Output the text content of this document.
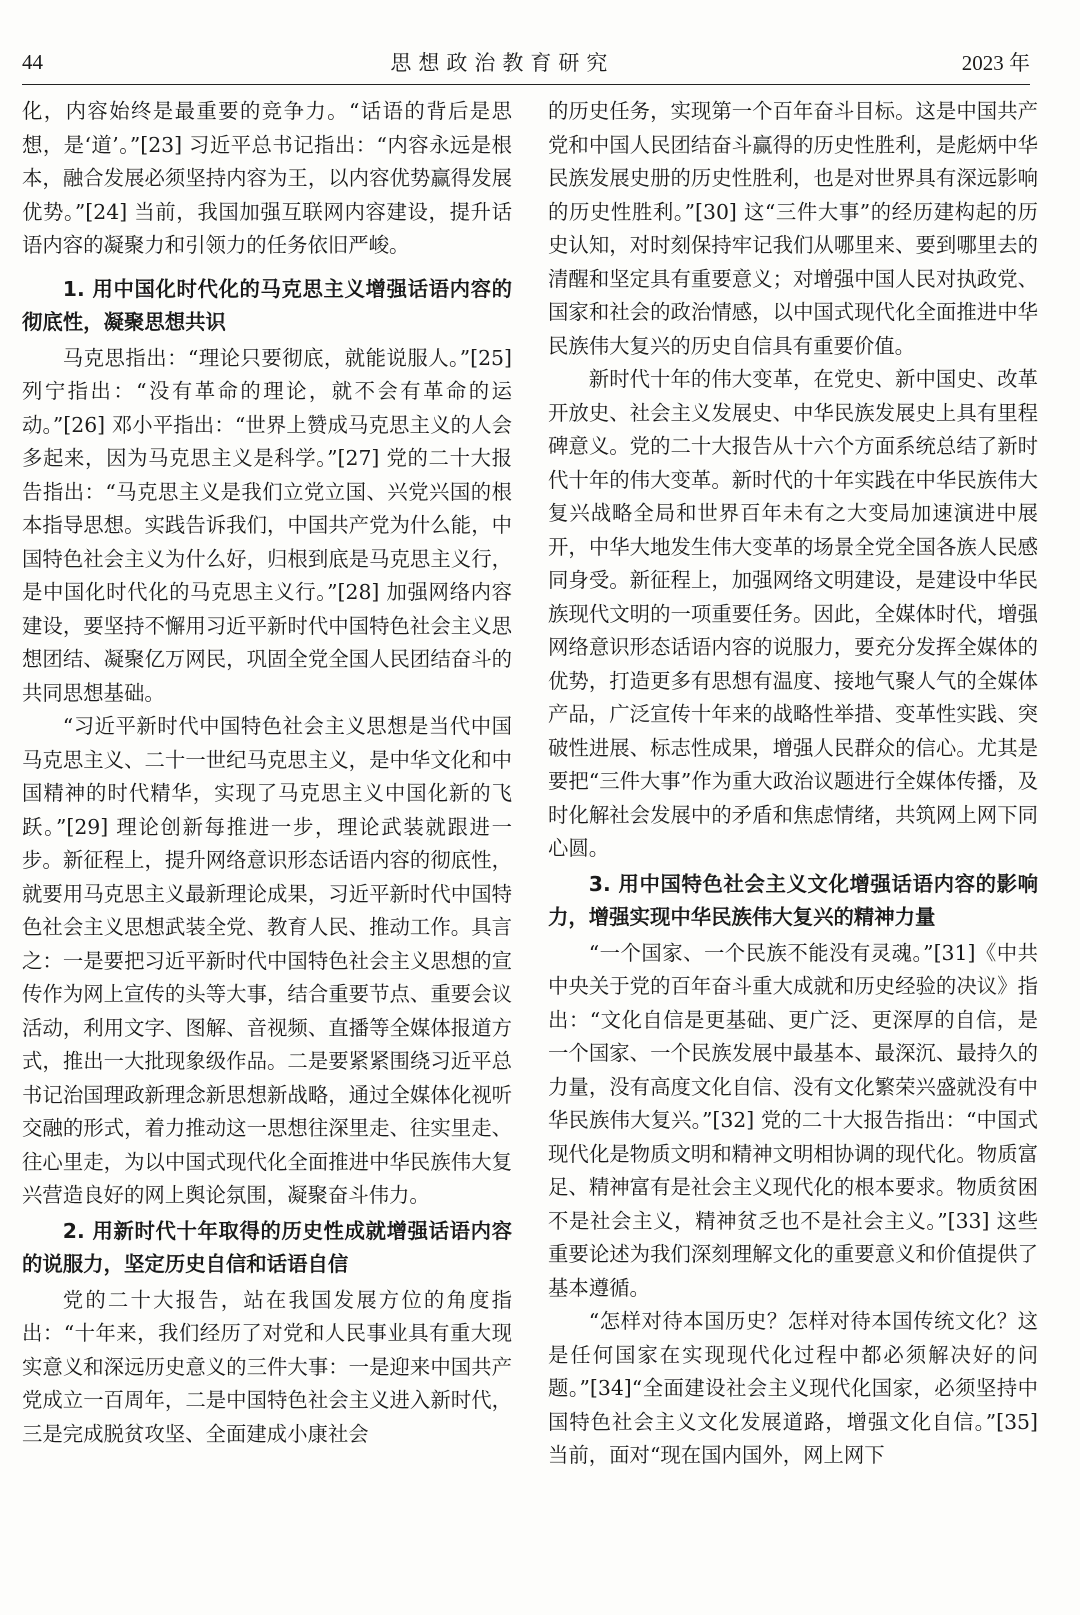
44	思想政治教育研究	2023 年

化，内容始终是最重要的竞争力。“话语的背后是思想，是‘道’。”[23] 习近平总书记指出：“内容永远是根本，融合发展必须坚持内容为王，以内容优势赢得发展优势。”[24] 当前，我国加强互联网内容建设，提升话语内容的凝聚力和引领力的任务依旧严峻。

1. 用中国化时代化的马克思主义增强话语内容的彻底性，凝聚思想共识

马克思指出：“理论只要彻底，就能说服人。”[25] 列宁指出：“没有革命的理论，就不会有革命的运动。”[26] 邓小平指出：“世界上赞成马克思主义的人会多起来，因为马克思主义是科学。”[27] 党的二十大报告指出：“马克思主义是我们立党立国、兴党兴国的根本指导思想。实践告诉我们，中国共产党为什么能，中国特色社会主义为什么好，归根到底是马克思主义行，是中国化时代化的马克思主义行。”[28] 加强网络内容建设，要坚持不懈用习近平新时代中国特色社会主义思想团结、凝聚亿万网民，巩固全党全国人民团结奋斗的共同思想基础。

“习近平新时代中国特色社会主义思想是当代中国马克思主义、二十一世纪马克思主义，是中华文化和中国精神的时代精华，实现了马克思主义中国化新的飞跃。”[29] 理论创新每推进一步，理论武装就跟进一步。新征程上，提升网络意识形态话语内容的彻底性，就要用马克思主义最新理论成果，习近平新时代中国特色社会主义思想武装全党、教育人民、推动工作。具言之：一是要把习近平新时代中国特色社会主义思想的宣传作为网上宣传的头等大事，结合重要节点、重要会议活动，利用文字、图解、音视频、直播等全媒体报道方式，推出一大批现象级作品。二是要紧紧围绕习近平总书记治国理政新理念新思想新战略，通过全媒体化视听交融的形式，着力推动这一思想往深里走、往实里走、往心里走，为以中国式现代化全面推进中华民族伟大复兴营造良好的网上舆论氛围，凝聚奋斗伟力。

2. 用新时代十年取得的历史性成就增强话语内容的说服力，坚定历史自信和话语自信

党的二十大报告，站在我国发展方位的角度指出：“十年来，我们经历了对党和人民事业具有重大现实意义和深远历史意义的三件大事：一是迎来中国共产党成立一百周年，二是中国特色社会主义进入新时代，三是完成脱贫攻坚、全面建成小康社会

的历史任务，实现第一个百年奋斗目标。这是中国共产党和中国人民团结奋斗赢得的历史性胜利，是彪炳中华民族发展史册的历史性胜利，也是对世界具有深远影响的历史性胜利。”[30] 这“三件大事”的经历建构起的历史认知，对时刻保持牢记我们从哪里来、要到哪里去的清醒和坚定具有重要意义；对增强中国人民对执政党、国家和社会的政治情感，以中国式现代化全面推进中华民族伟大复兴的历史自信具有重要价值。

新时代十年的伟大变革，在党史、新中国史、改革开放史、社会主义发展史、中华民族发展史上具有里程碑意义。党的二十大报告从十六个方面系统总结了新时代十年的伟大变革。新时代的十年实践在中华民族伟大复兴战略全局和世界百年未有之大变局加速演进中展开，中华大地发生伟大变革的场景全党全国各族人民感同身受。新征程上，加强网络文明建设，是建设中华民族现代文明的一项重要任务。因此，全媒体时代，增强网络意识形态话语内容的说服力，要充分发挥全媒体的优势，打造更多有思想有温度、接地气聚人气的全媒体产品，广泛宣传十年来的战略性举措、变革性实践、突破性进展、标志性成果，增强人民群众的信心。尤其是要把“三件大事”作为重大政治议题进行全媒体传播，及时化解社会发展中的矛盾和焦虑情绪，共筑网上网下同心圆。

3. 用中国特色社会主义文化增强话语内容的影响力，增强实现中华民族伟大复兴的精神力量

“一个国家、一个民族不能没有灵魂。”[31]《中共中央关于党的百年奋斗重大成就和历史经验的决议》指出：“文化自信是更基础、更广泛、更深厚的自信，是一个国家、一个民族发展中最基本、最深沉、最持久的力量，没有高度文化自信、没有文化繁荣兴盛就没有中华民族伟大复兴。”[32] 党的二十大报告指出：“中国式现代化是物质文明和精神文明相协调的现代化。物质富足、精神富有是社会主义现代化的根本要求。物质贫困不是社会主义，精神贫乏也不是社会主义。”[33] 这些重要论述为我们深刻理解文化的重要意义和价值提供了基本遵循。

“怎样对待本国历史？怎样对待本国传统文化？这是任何国家在实现现代化过程中都必须解决好的问题。”[34]“全面建设社会主义现代化国家，必须坚持中国特色社会主义文化发展道路，增强文化自信。”[35] 当前，面对“现在国内国外，网上网下
